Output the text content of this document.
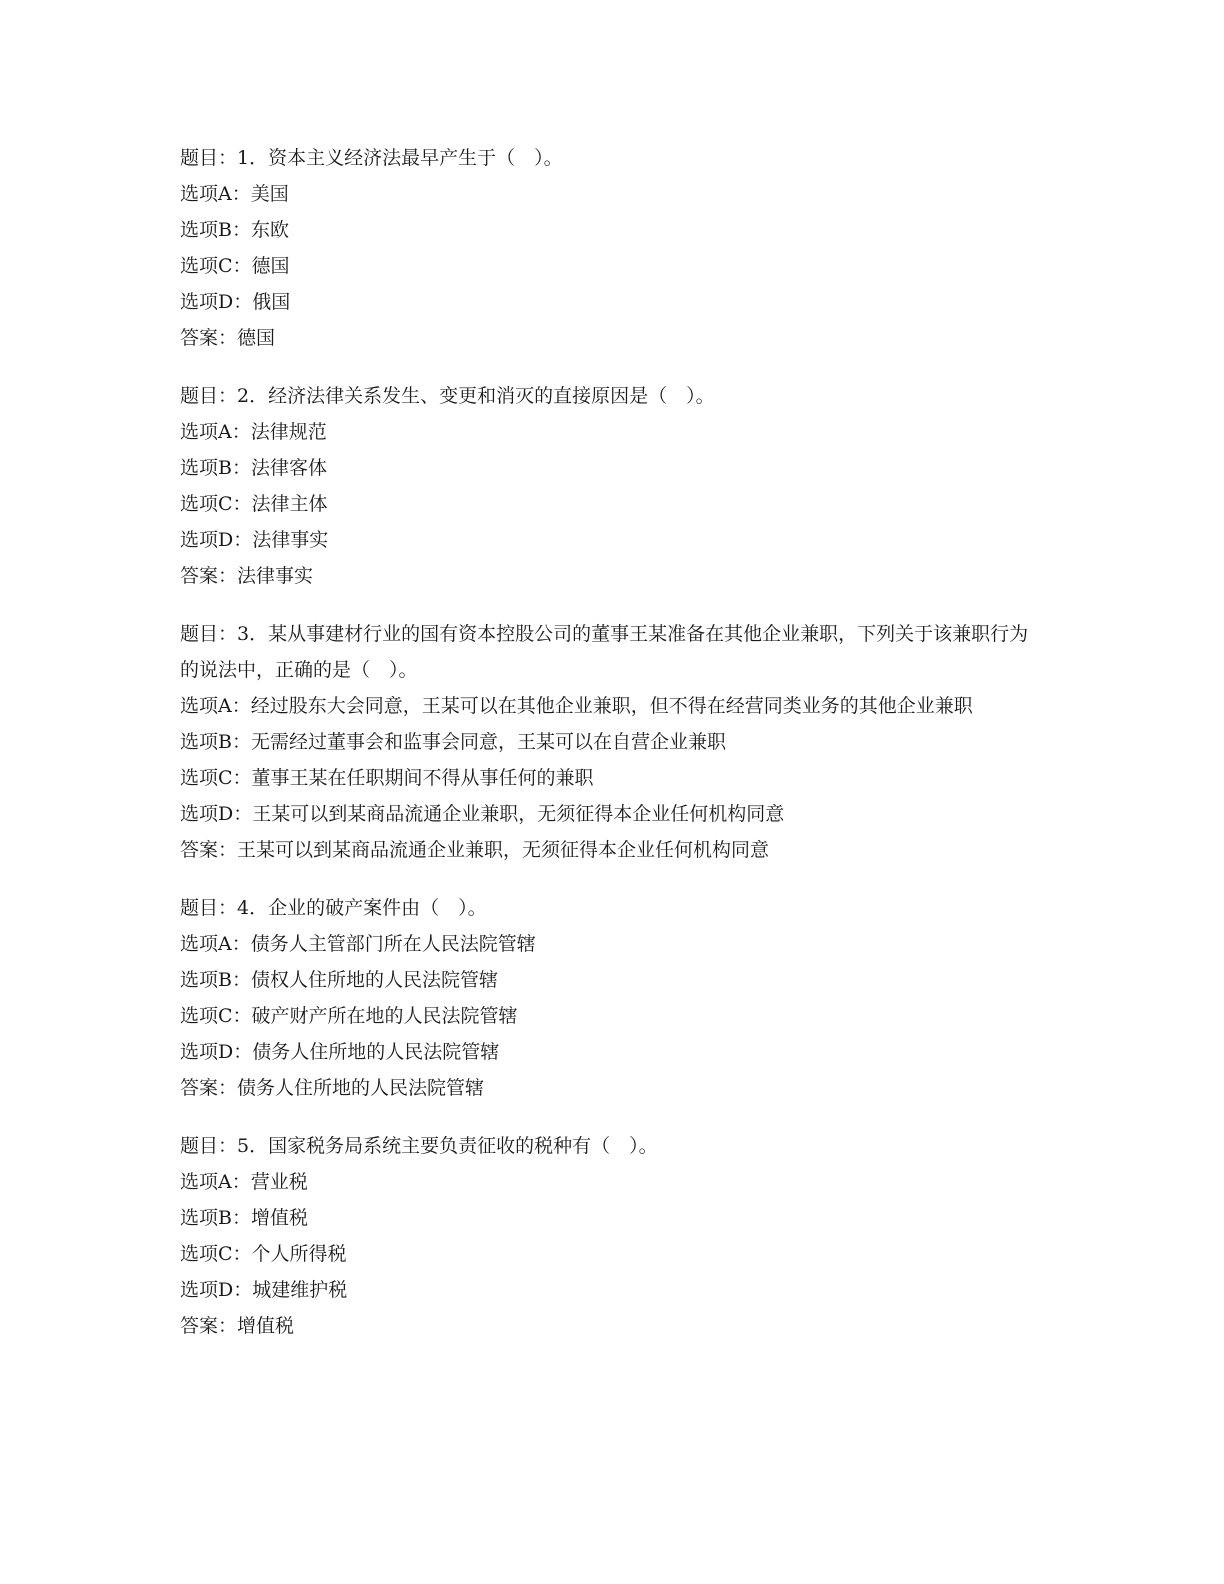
题目：1．资本主义经济法最早产生于（　）。
选项A：美国
选项B：东欧
选项C：德国
选项D：俄国
答案：德国
题目：2．经济法律关系发生、变更和消灭的直接原因是（　）。
选项A：法律规范
选项B：法律客体
选项C：法律主体
选项D：法律事实
答案：法律事实
题目：3．某从事建材行业的国有资本控股公司的董事王某准备在其他企业兼职，下列关于该兼职行为的说法中，正确的是（　）。
选项A：经过股东大会同意，王某可以在其他企业兼职，但不得在经营同类业务的其他企业兼职
选项B：无需经过董事会和监事会同意，王某可以在自营企业兼职
选项C：董事王某在任职期间不得从事任何的兼职
选项D：王某可以到某商品流通企业兼职，无须征得本企业任何机构同意
答案：王某可以到某商品流通企业兼职，无须征得本企业任何机构同意
题目：4．企业的破产案件由（　）。
选项A：债务人主管部门所在人民法院管辖
选项B：债权人住所地的人民法院管辖
选项C：破产财产所在地的人民法院管辖
选项D：债务人住所地的人民法院管辖
答案：债务人住所地的人民法院管辖
题目：5．国家税务局系统主要负责征收的税种有（　）。
选项A：营业税
选项B：增值税
选项C：个人所得税
选项D：城建维护税
答案：增值税
